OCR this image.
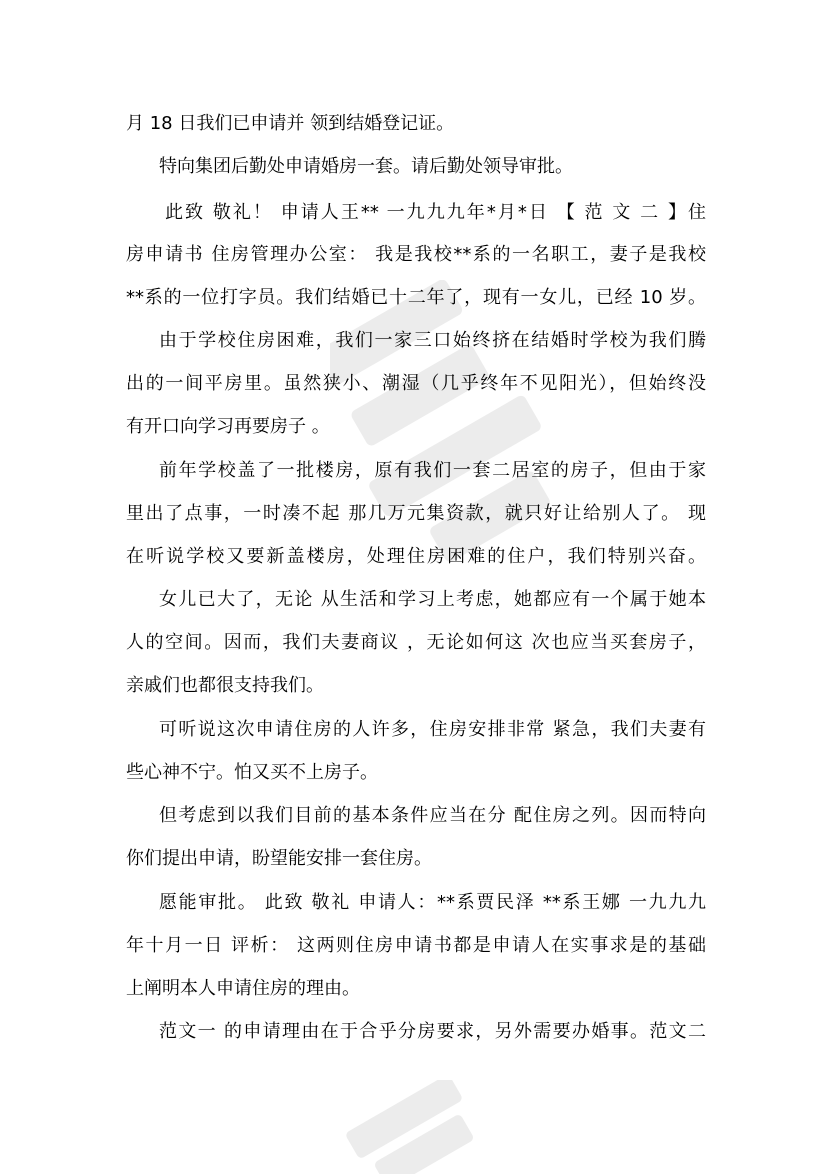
月 18 日我们已申请并 领到结婚登记证。
特向集团后勤处申请婚房一套。请后勤处领导审批。
此致 敬礼！ 申请人王** 一九九九年*月*日 【 范 文 二 】住
房申请书 住房管理办公室： 我是我校**系的一名职工，妻子是我校
**系的一位打字员。我们结婚已十二年了，现有一女儿，已经 10 岁。
由于学校住房困难，我们一家三口始终挤在结婚时学校为我们腾
出的一间平房里。虽然狭小、潮湿（几乎终年不见阳光），但始终没
有开口向学习再要房子 。
前年学校盖了一批楼房，原有我们一套二居室的房子，但由于家
里出了点事，一时凑不起 那几万元集资款，就只好让给别人了。 现
在听说学校又要新盖楼房，处理住房困难的住户，我们特别兴奋。
女儿已大了，无论 从生活和学习上考虑，她都应有一个属于她本
人的空间。因而，我们夫妻商议 ，无论如何这 次也应当买套房子，
亲戚们也都很支持我们。
可听说这次申请住房的人许多，住房安排非常 紧急，我们夫妻有
些心神不宁。怕又买不上房子。
但考虑到以我们目前的基本条件应当在分 配住房之列。因而特向
你们提出申请，盼望能安排一套住房。
愿能审批。 此致 敬礼 申请人：**系贾民泽 **系王娜 一九九九
年十月一日 评析： 这两则住房申请书都是申请人在实事求是的基础
上阐明本人申请住房的理由。
范文一 的申请理由在于合乎分房要求，另外需要办婚事。范文二
